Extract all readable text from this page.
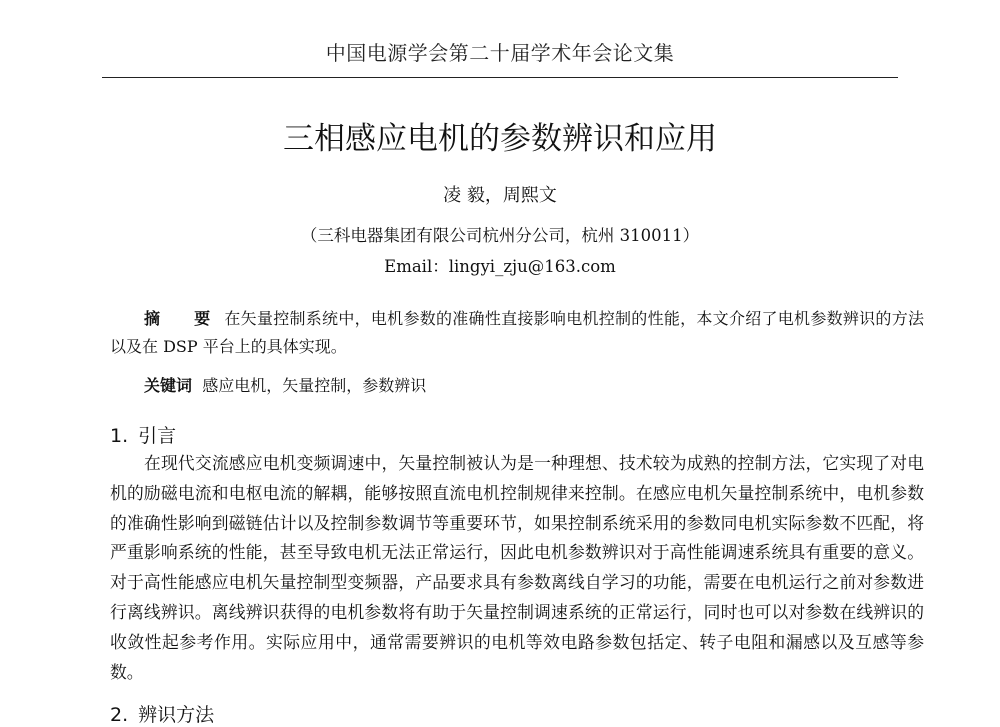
中国电源学会第二十届学术年会论文集
三相感应电机的参数辨识和应用
凌 毅，周熙文
（三科电器集团有限公司杭州分公司，杭州 310011）
Email：lingyi_zju@163.com
摘 要在矢量控制系统中，电机参数的准确性直接影响电机控制的性能，本文介绍了电机参数辨识的方法以及在 DSP 平台上的具体实现。
关键词 感应电机，矢量控制，参数辨识
1. 引言
在现代交流感应电机变频调速中，矢量控制被认为是一种理想、技术较为成熟的控制方法，它实现了对电机的励磁电流和电枢电流的解耦，能够按照直流电机控制规律来控制。在感应电机矢量控制系统中，电机参数的准确性影响到磁链估计以及控制参数调节等重要环节，如果控制系统采用的参数同电机实际参数不匹配，将严重影响系统的性能，甚至导致电机无法正常运行，因此电机参数辨识对于高性能调速系统具有重要的意义。对于高性能感应电机矢量控制型变频器，产品要求具有参数离线自学习的功能，需要在电机运行之前对参数进行离线辨识。离线辨识获得的电机参数将有助于矢量控制调速系统的正常运行，同时也可以对参数在线辨识的收敛性起参考作用。实际应用中，通常需要辨识的电机等效电路参数包括定、转子电阻和漏感以及互感等参数。
2. 辨识方法
